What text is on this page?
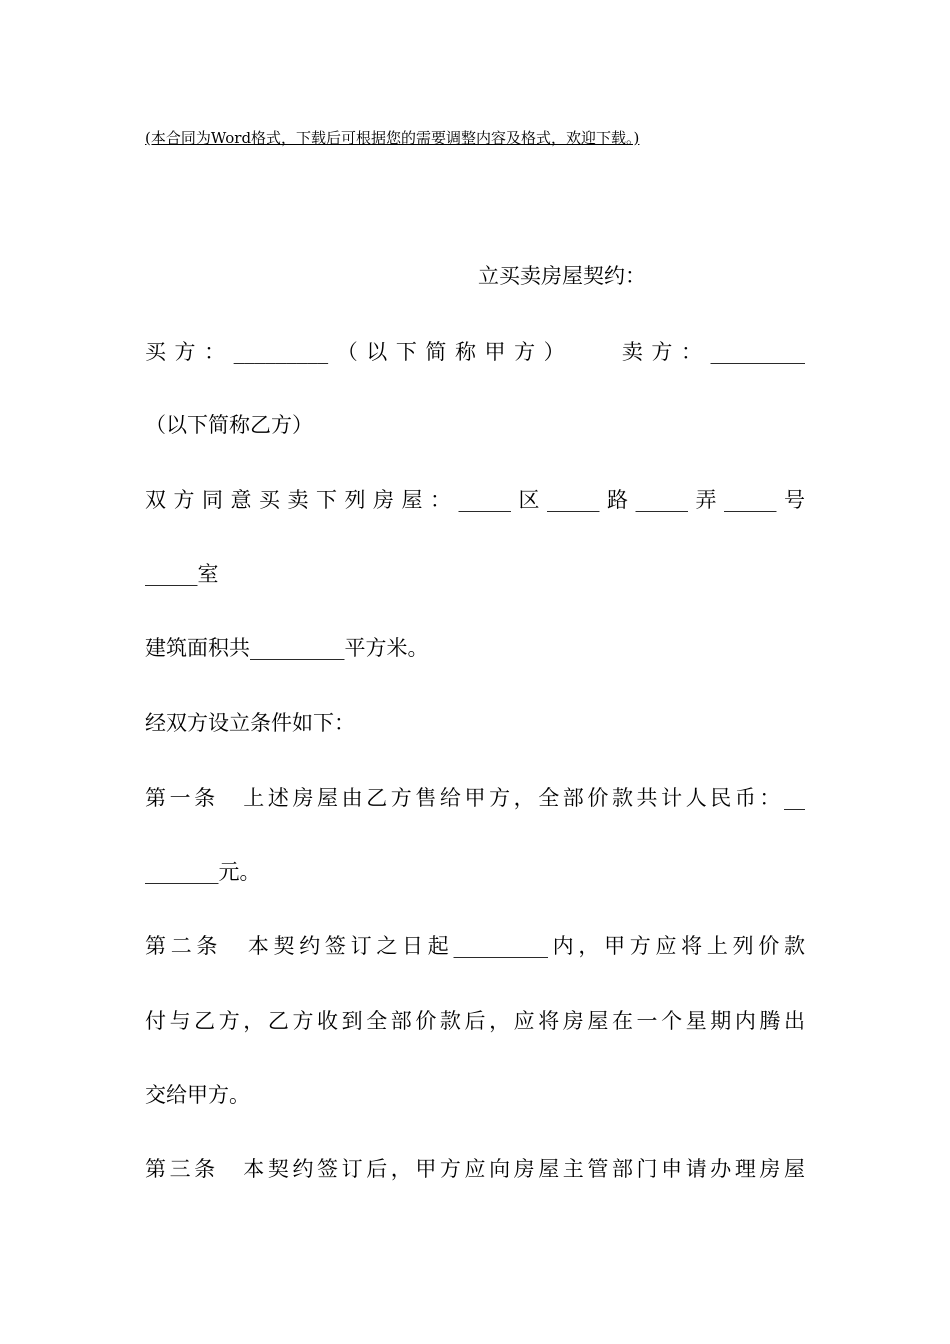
(本合同为Word格式，下载后可根据您的需要调整内容及格式，欢迎下载。)
立买卖房屋契约：
买方：_________（以下简称甲方）　　卖方：_________
（以下简称乙方）
双方同意买卖下列房屋：_____区_____路_____弄_____号
_____室
建筑面积共_________平方米。
经双方设立条件如下：
第一条　上述房屋由乙方售给甲方，全部价款共计人民币：__
_______元。
第二条　本契约签订之日起_________内，甲方应将上列价款
付与乙方，乙方收到全部价款后，应将房屋在一个星期内腾出
交给甲方。
第三条　本契约签订后，甲方应向房屋主管部门申请办理房屋
